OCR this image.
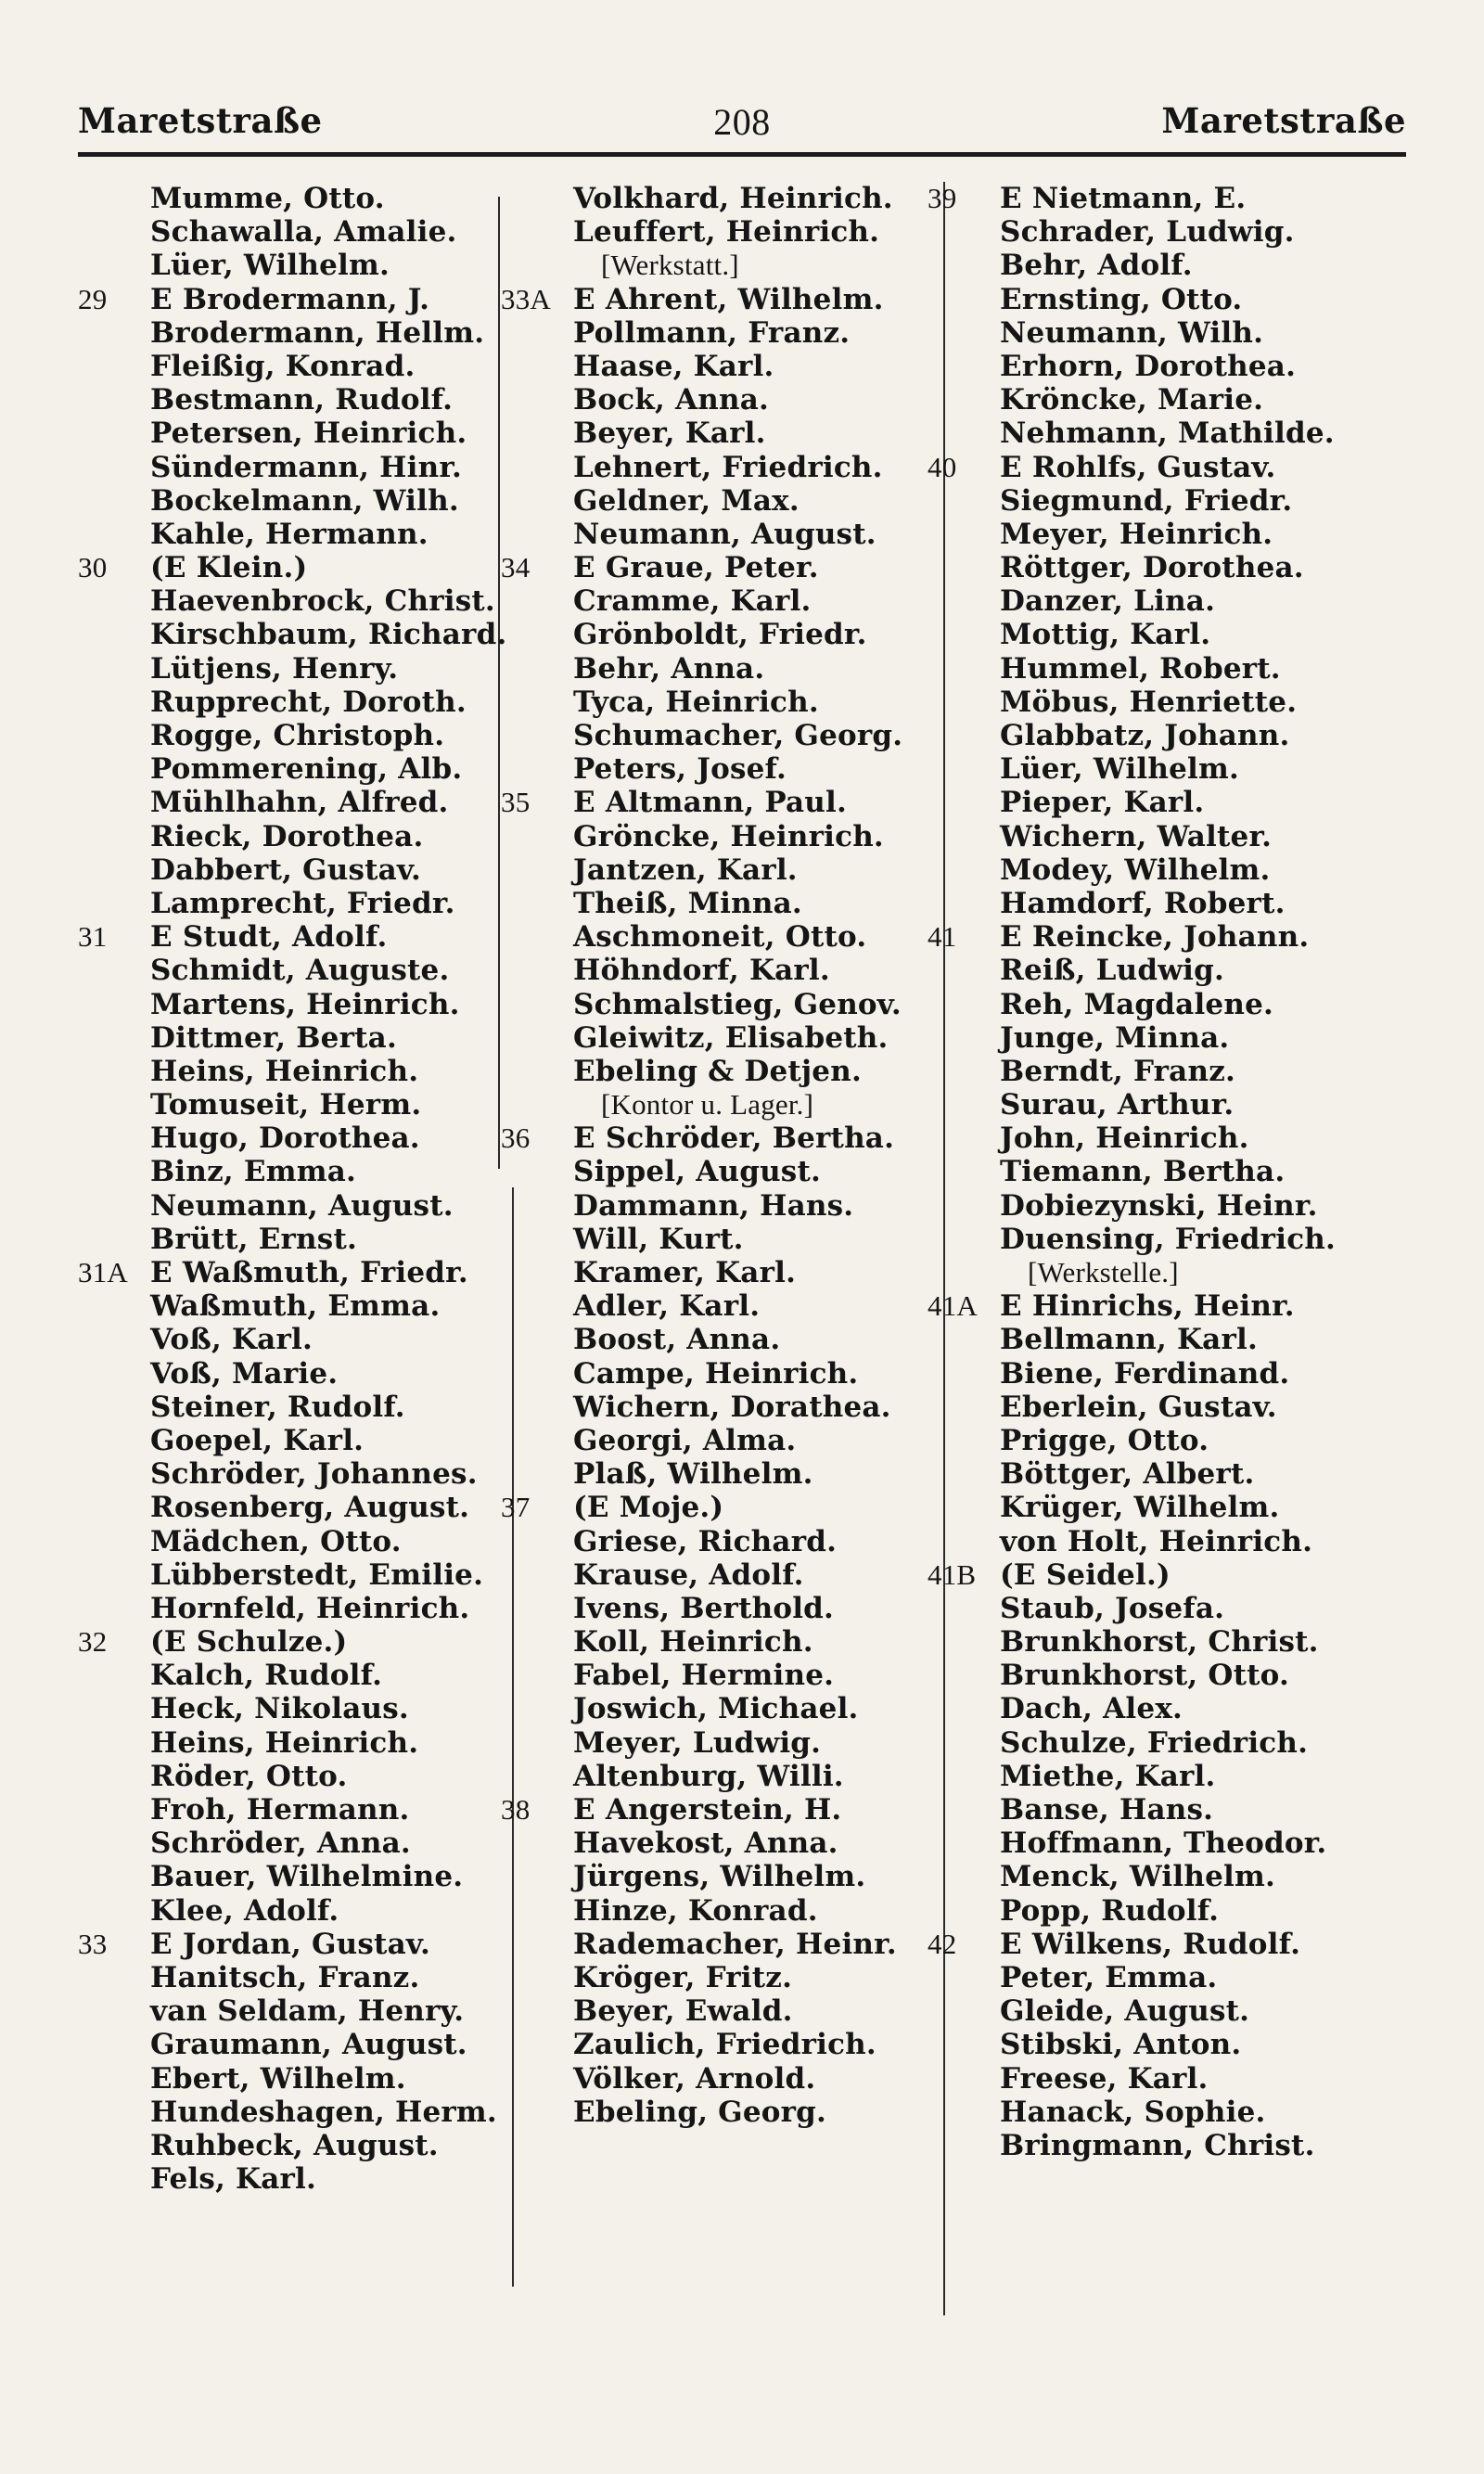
Maretstraße	208	Maretstraße
Mumme, Otto.
Schawalla, Amalie.
Lüer, Wilhelm.
29 E Brodermann, J.
Brodermann, Hellm.
Fleißig, Konrad.
Bestmann, Rudolf.
Petersen, Heinrich.
Sündermann, Hinr.
Bockelmann, Wilh.
Kahle, Hermann.
30 (E Klein.)
Haevenbrock, Christ.
Kirschbaum, Richard.
Lütjens, Henry.
Rupprecht, Doroth.
Rogge, Christoph.
Pommerening, Alb.
Mühlhahn, Alfred.
Rieck, Dorothea.
Dabbert, Gustav.
Lamprecht, Friedr.
31 E Studt, Adolf.
Schmidt, Auguste.
Martens, Heinrich.
Dittmer, Berta.
Heins, Heinrich.
Tomuseit, Herm.
Hugo, Dorothea.
Binz, Emma.
Neumann, August.
Brütt, Ernst.
31A E Waßmuth, Friedr.
Waßmuth, Emma.
Voß, Karl.
Voß, Marie.
Steiner, Rudolf.
Goepel, Karl.
Schröder, Johannes.
Rosenberg, August.
Mädchen, Otto.
Lübberstedt, Emilie.
Hornfeld, Heinrich.
32 (E Schulze.)
Kalch, Rudolf.
Heck, Nikolaus.
Heins, Heinrich.
Röder, Otto.
Froh, Hermann.
Schröder, Anna.
Bauer, Wilhelmine.
Klee, Adolf.
33 E Jordan, Gustav.
Hanitsch, Franz.
van Seldam, Henry.
Graumann, August.
Ebert, Wilhelm.
Hundeshagen, Herm.
Ruhbeck, August.
Fels, Karl.
Volkhard, Heinrich.
Leuffert, Heinrich.
[Werkstatt.]
33A E Ahrent, Wilhelm.
Pollmann, Franz.
Haase, Karl.
Bock, Anna.
Beyer, Karl.
Lehnert, Friedrich.
Geldner, Max.
Neumann, August.
34 E Graue, Peter.
Cramme, Karl.
Grönboldt, Friedr.
Behr, Anna.
Tyca, Heinrich.
Schumacher, Georg.
Peters, Josef.
35 E Altmann, Paul.
Gröncke, Heinrich.
Jantzen, Karl.
Theiß, Minna.
Aschmoneit, Otto.
Höhndorf, Karl.
Schmalstieg, Genov.
Gleiwitz, Elisabeth.
Ebeling & Detjen.
[Kontor u. Lager.]
36 E Schröder, Bertha.
Sippel, August.
Dammann, Hans.
Will, Kurt.
Kramer, Karl.
Adler, Karl.
Boost, Anna.
Campe, Heinrich.
Wichern, Dorathea.
Georgi, Alma.
Plaß, Wilhelm.
37 (E Moje.)
Griese, Richard.
Krause, Adolf.
Ivens, Berthold.
Koll, Heinrich.
Fabel, Hermine.
Joswich, Michael.
Meyer, Ludwig.
Altenburg, Willi.
38 E Angerstein, H.
Havekost, Anna.
Jürgens, Wilhelm.
Hinze, Konrad.
Rademacher, Heinr.
Kröger, Fritz.
Beyer, Ewald.
Zaulich, Friedrich.
Völker, Arnold.
Ebeling, Georg.
39 E Nietmann, E.
Schrader, Ludwig.
Behr, Adolf.
Ernsting, Otto.
Neumann, Wilh.
Erhorn, Dorothea.
Kröncke, Marie.
Nehmann, Mathilde.
40 E Rohlfs, Gustav.
Siegmund, Friedr.
Meyer, Heinrich.
Röttger, Dorothea.
Danzer, Lina.
Mottig, Karl.
Hummel, Robert.
Möbus, Henriette.
Glabbatz, Johann.
Lüer, Wilhelm.
Pieper, Karl.
Wichern, Walter.
Modey, Wilhelm.
Hamdorf, Robert.
41 E Reincke, Johann.
Reiß, Ludwig.
Reh, Magdalene.
Junge, Minna.
Berndt, Franz.
Surau, Arthur.
John, Heinrich.
Tiemann, Bertha.
Dobiezynski, Heinr.
Duensing, Friedrich.
[Werkstelle.]
41A E Hinrichs, Heinr.
Bellmann, Karl.
Biene, Ferdinand.
Eberlein, Gustav.
Prigge, Otto.
Böttger, Albert.
Krüger, Wilhelm.
von Holt, Heinrich.
41B (E Seidel.)
Staub, Josefa.
Brunkhorst, Christ.
Brunkhorst, Otto.
Dach, Alex.
Schulze, Friedrich.
Miethe, Karl.
Banse, Hans.
Hoffmann, Theodor.
Menck, Wilhelm.
Popp, Rudolf.
42 E Wilkens, Rudolf.
Peter, Emma.
Gleide, August.
Stibski, Anton.
Freese, Karl.
Hanack, Sophie.
Bringmann, Christ.
